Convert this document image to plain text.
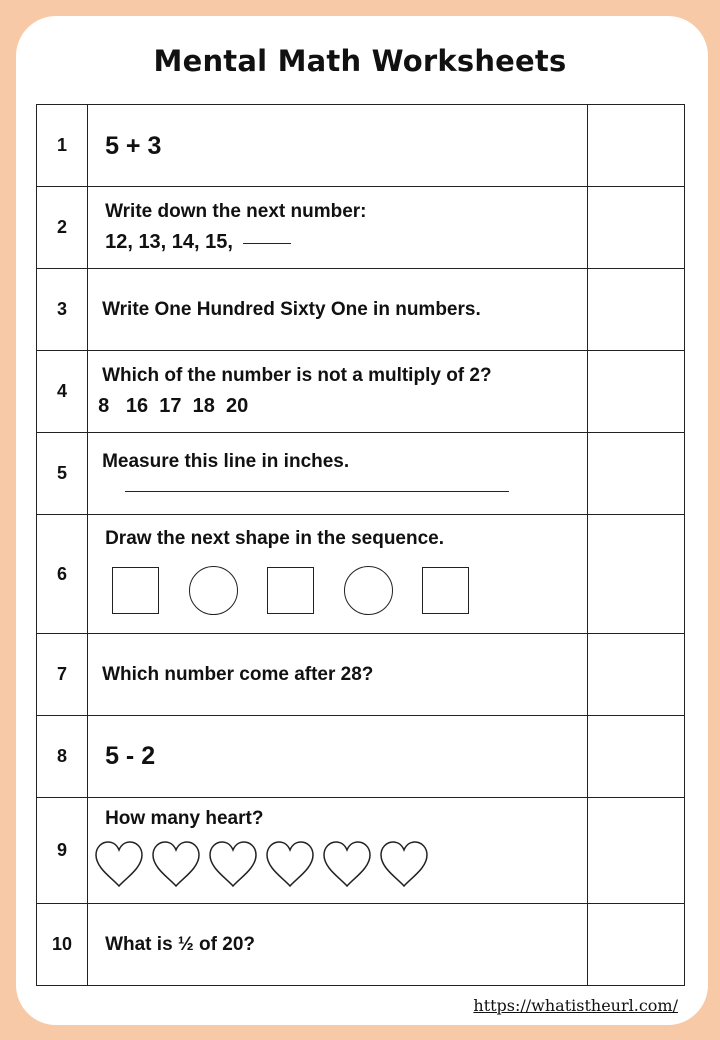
Mental Math Worksheets
1	5 + 3	

2	Write down the next number:
12, 13, 14, 15,	

3	Write One Hundred Sixty One in numbers.	

4	Which of the number is not a multiply of 2?
8   16  17  18  20	

5	Measure this line in inches.	

6	Draw the next shape in the sequence.	

7	Which number come after 28?	

8	5 - 2	

9	How many heart?	

10	What is ½ of 20?	

https://whatistheurl.com/
